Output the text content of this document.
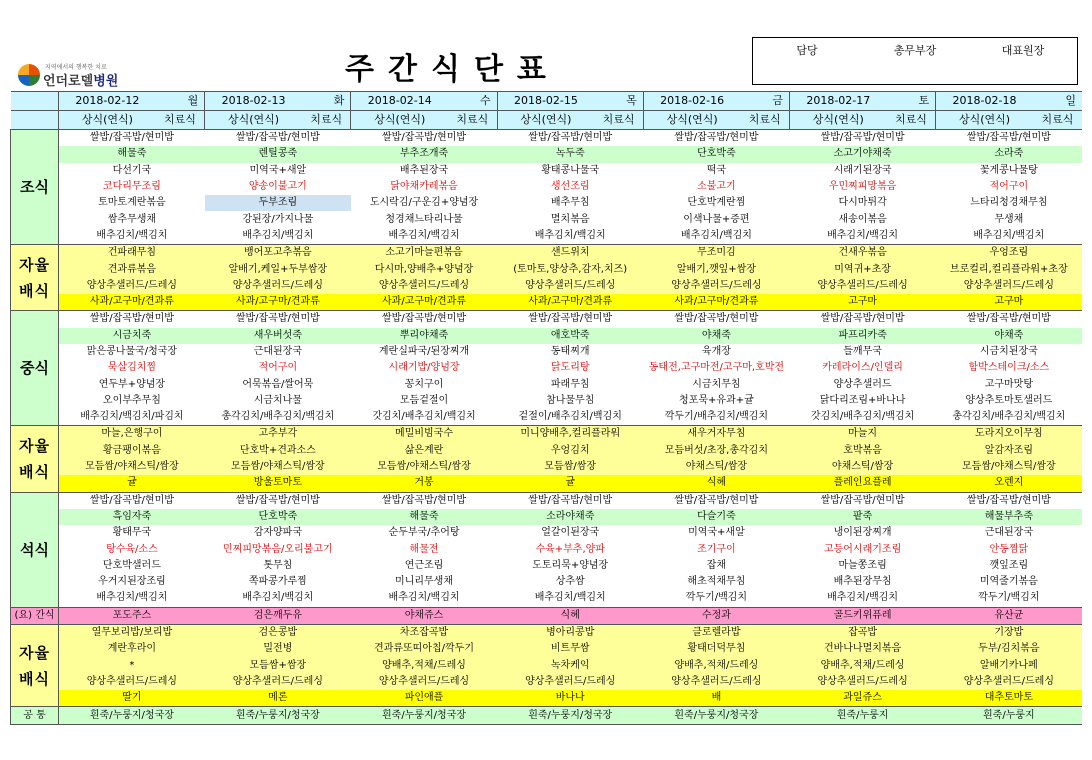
지역에서의 행복한 치료
언더로델병원	주간식단표
담당	총무부장	대표원장
	2018-02-12	월	2018-02-13	화	2018-02-14	수	2018-02-15	목	2018-02-16	금	2018-02-17	토	2018-02-18	일
	상식(연식)	치료식	상식(연식)	치료식	상식(연식)	치료식	상식(연식)	치료식	상식(연식)	치료식	상식(연식)	치료식	상식(연식)	치료식
조식	쌀밥/잡곡밥/현미밥		쌀밥/잡곡밥/현미밥		쌀밥/잡곡밥/현미밥		쌀밥/잡곡밥/현미밥		쌀밥/잡곡밥/현미밥		쌀밥/잡곡밥/현미밥		쌀밥/잡곡밥/현미밥	
	해물죽		렌틸콩죽		부추조개죽		녹두죽		단호박죽		소고기야채죽		소라죽	
	다선기국		미역국+새알		배추된장국		황태콩나물국		떡국		시래기된장국		꽃게콩나물탕	
	코다리무조림		양송이불고기		닭야채카레볶음		생선조림		소불고기		우민찌피망볶음		적어구이	
	토마토계란볶음		두부조림		도시락김/구운김+양념장		배추무침		단호박계란찜		다시마튀각		느타리청경채무침	
	쌈추무생채		강된장/가지나물		청경채느타리나물		멸치볶음		이색나물+증편		새송이볶음		무생채	
	배추김치/백김치		배추김치/백김치		배추김치/백김치		배추김치/백김치		배추김치/백김치		배추김치/백김치		배추김치/백김치	
자율배식	건파래무침		뱅어포고추볶음		소고기마늘편볶음		샌드위치		무조미김		건새우볶음		우엉조림	
	견과류볶음		알배기,케일+두부쌈장		다시마,양배추+양념장		(토마토,양상추,감자,치즈)		알배기,깻잎+쌈장		미역귀+초장		브로컬리,컬리플라워+초장	
	양상추샐러드/드레싱		양상추샐러드/드레싱		양상추샐러드/드레싱		양상추샐러드/드레싱		양상추샐러드/드레싱		양상추샐러드/드레싱		양상추샐러드/드레싱	
	사과/고구마/견과류		사과/고구마/견과류		사과/고구마/견과류		사과/고구마/견과류		사과/고구마/견과류		고구마		고구마	
중식	쌀밥/잡곡밥/현미밥		쌀밥/잡곡밥/현미밥		쌀밥/잡곡밥/현미밥		쌀밥/잡곡밥/현미밥		쌀밥/잡곡밥/현미밥		쌀밥/잡곡밥/현미밥		쌀밥/잡곡밥/현미밥	
	시금치죽		새우버섯죽		뿌리야채죽		애호박죽		야채죽		파프리카죽		야채죽	
	맑은콩나물국/청국장		근대된장국		계란실파국/된장찌개		동태찌개		육개장		들깨무국		시금치된장국	
	묵살김치찜		적어구이		시래기밥/양념장		닭도리탕		동태전,고구마전/고구마,호박전		카레라이스/인델리		함박스테이크/소스	
	연두부+양념장		어묵볶음/쌀어묵		꽁치구이		파래무침		시금치무침		양상추샐러드		고구마맛탕	
	오이부추무침		시금치나물		모듬겉절이		참나물무침		청포묵+유과+귤		닭다리조림+바나나		양상추토마토샐러드	
	배추김치/백김치/파김치		총각김치/배추김치/백김치		갓김치/배추김치/백김치		겉절이/배추김치/백김치		깍두기/배추김치/백김치		갓김치/배추김치/백김치		총각김치/배추김치/백김치	
자율배식	마늘,은행구이		고추부각		메밀비빔국수		미니양배추,컬리플라워		새우거자무침		마늘지		도라지오이무침	
	황금팽이볶음		단호박+견과소스		삶은계란		우엉김치		모듬버섯/초장,총각김치		호박볶음		알감자조림	
	모듬쌈/야채스틱/쌈장		모듬쌈/야채스틱/쌈장		모듬쌈/야채스틱/쌈장		모듬쌈/쌈장		야채스틱/쌈장		야채스틱/쌈장		모듬쌈/야채스틱/쌈장	
	귤		방울토마토		거봉		귤		식혜		플레인요플레		오렌지	
석식	쌀밥/잡곡밥/현미밥		쌀밥/잡곡밥/현미밥		쌀밥/잡곡밥/현미밥		쌀밥/잡곡밥/현미밥		쌀밥/잡곡밥/현미밥		쌀밥/잡곡밥/현미밥		쌀밥/잡곡밥/현미밥	
	흑임자죽		단호박죽		해물죽		소라야채죽		다슬기죽		팥죽		해물부추죽	
	황태무국		감자양파국		순두부국/추어탕		얼갈이된장국		미역국+새알		냉이된장찌개		근대된장국	
	탕수육/소스		민찌피망볶음/오리불고기		해물전		수육+부추,양파		조기구이		고등어시래기조림		안동찜닭	
	단호박샐러드		톳무침		연근조림		도토리묵+양념장		잡채		마늘쫑조림		깻잎조림	
	우거지된장조림		쪽파콩가루찜		미니리무생채		상추쌈		해초적채무침		배추된장무침		미역줄기볶음	
	배추김치/백김치		배추김치/백김치		배추김치/백김치		배추김치/백김치		깍두기/백김치		배추김치/백김치		깍두기/백김치	
(요) 간식	포도주스		검은깨두유		야채쥬스		식혜		수정과		골드키위퓨레		유산균	
자율배식	열무보리밥/보리밥		검은콩밥		차조잡곡밥		병아리콩밥		클로렐라밥		잡곡밥		기장밥	
	계란후라이		밀전병		견과류또띠아칩/깍두기		비트무쌈		황태더덕무침		건바나나멸치볶음		두부/김치볶음	
	*		모듬쌈+쌈장		양배추,적채/드레싱		녹차케익		양배추,적채/드레싱		양배추,적채/드레싱		알배기카나페	
	양상추샐러드/드레싱		양상추샐러드/드레싱		양상추샐러드/드레싱		양상추샐러드/드레싱		양상추샐러드/드레싱		양상추샐러드/드레싱		양상추샐러드/드레싱	
	딸기		메론		파인애플		바나나		배		과일쥬스		대추토마토	
공 통	흰죽/누룽지/청국장		흰죽/누룽지/청국장		흰죽/누룽지/청국장		흰죽/누룽지/청국장		흰죽/누룽지/청국장		흰죽/누룽지		흰죽/누룽지	
